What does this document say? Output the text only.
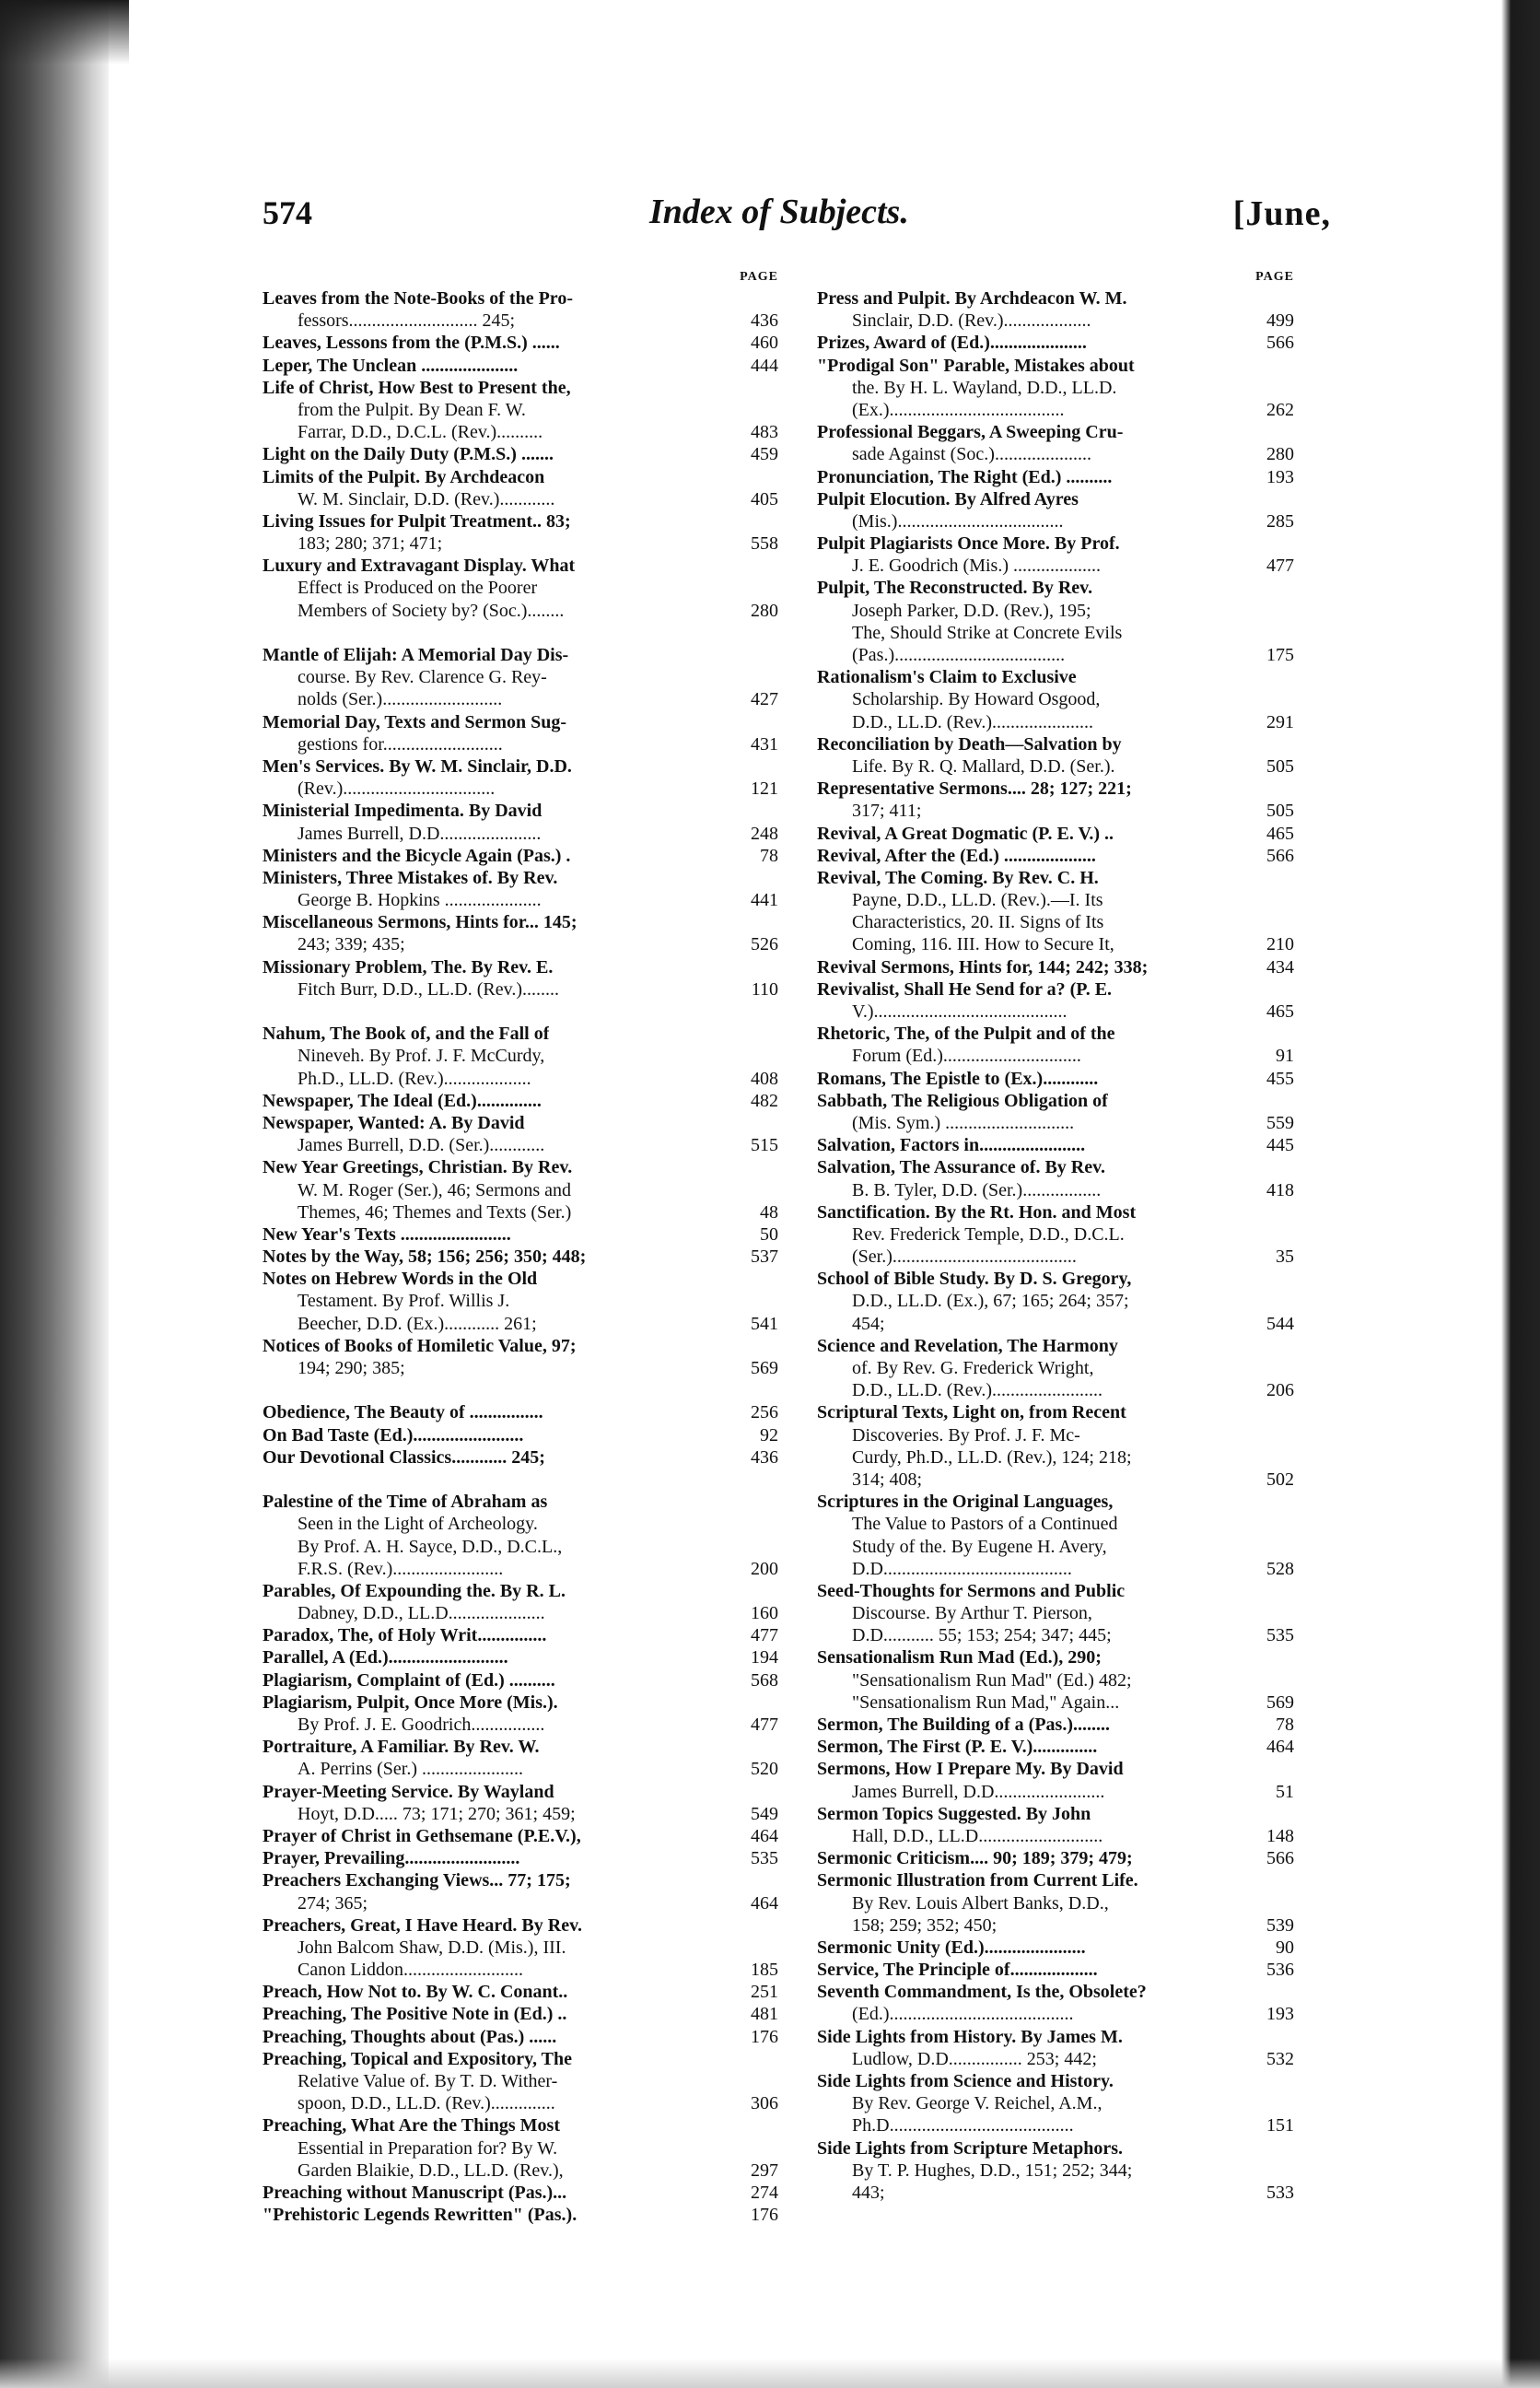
574	Index of Subjects.	[June,
PAGE
Leaves from the Note-Books of the Pro-
fessors............................ 245;	436
Leaves, Lessons from the (P.M.S.) ......	460
Leper, The Unclean .....................	444
Life of Christ, How Best to Present the,
from the Pulpit. By Dean F. W.
Farrar, D.D., D.C.L. (Rev.)..........	483
Light on the Daily Duty (P.M.S.) .......	459
Limits of the Pulpit. By Archdeacon
W. M. Sinclair, D.D. (Rev.)............	405
Living Issues for Pulpit Treatment.. 83;
183; 280; 371; 471;	558
Luxury and Extravagant Display. What
Effect is Produced on the Poorer
Members of Society by? (Soc.)........	280
Mantle of Elijah: A Memorial Day Dis-
course. By Rev. Clarence G. Rey-
nolds (Ser.)..........................	427
Memorial Day, Texts and Sermon Sug-
gestions for..........................	431
Men's Services. By W. M. Sinclair, D.D.
(Rev.).................................	121
Ministerial Impedimenta. By David
James Burrell, D.D......................	248
Ministers and the Bicycle Again (Pas.) .	78
Ministers, Three Mistakes of. By Rev.
George B. Hopkins .....................	441
Miscellaneous Sermons, Hints for... 145;
243; 339; 435;	526
Missionary Problem, The. By Rev. E.
Fitch Burr, D.D., LL.D. (Rev.)........	110
Nahum, The Book of, and the Fall of
Nineveh. By Prof. J. F. McCurdy,
Ph.D., LL.D. (Rev.)...................	408
Newspaper, The Ideal (Ed.)..............	482
Newspaper, Wanted: A. By David
James Burrell, D.D. (Ser.)............	515
New Year Greetings, Christian. By Rev.
W. M. Roger (Ser.), 46; Sermons and
Themes, 46; Themes and Texts (Ser.)	48
New Year's Texts ........................	50
Notes by the Way, 58; 156; 256; 350; 448;	537
Notes on Hebrew Words in the Old
Testament. By Prof. Willis J.
Beecher, D.D. (Ex.)............ 261;	541
Notices of Books of Homiletic Value, 97;
194; 290; 385;	569
Obedience, The Beauty of ................	256
On Bad Taste (Ed.)........................	92
Our Devotional Classics............ 245;	436
Palestine of the Time of Abraham as
Seen in the Light of Archeology.
By Prof. A. H. Sayce, D.D., D.C.L.,
F.R.S. (Rev.)........................	200
Parables, Of Expounding the. By R. L.
Dabney, D.D., LL.D.....................	160
Paradox, The, of Holy Writ...............	477
Parallel, A (Ed.)..........................	194
Plagiarism, Complaint of (Ed.) ..........	568
Plagiarism, Pulpit, Once More (Mis.).
By Prof. J. E. Goodrich................	477
Portraiture, A Familiar. By Rev. W.
A. Perrins (Ser.) ......................	520
Prayer-Meeting Service. By Wayland
Hoyt, D.D..... 73; 171; 270; 361; 459;	549
Prayer of Christ in Gethsemane (P.E.V.),	464
Prayer, Prevailing.........................	535
Preachers Exchanging Views... 77; 175;
274; 365;	464
Preachers, Great, I Have Heard. By Rev.
John Balcom Shaw, D.D. (Mis.), III.
Canon Liddon..........................	185
Preach, How Not to. By W. C. Conant..	251
Preaching, The Positive Note in (Ed.) ..	481
Preaching, Thoughts about (Pas.) ......	176
Preaching, Topical and Expository, The
Relative Value of. By T. D. Wither-
spoon, D.D., LL.D. (Rev.)..............	306
Preaching, What Are the Things Most
Essential in Preparation for? By W.
Garden Blaikie, D.D., LL.D. (Rev.),	297
Preaching without Manuscript (Pas.)...	274
"Prehistoric Legends Rewritten" (Pas.).	176
PAGE
Press and Pulpit. By Archdeacon W. M.
Sinclair, D.D. (Rev.)...................	499
Prizes, Award of (Ed.).....................	566
"Prodigal Son" Parable, Mistakes about
the. By H. L. Wayland, D.D., LL.D.
(Ex.)......................................	262
Professional Beggars, A Sweeping Cru-
sade Against (Soc.).....................	280
Pronunciation, The Right (Ed.) ..........	193
Pulpit Elocution. By Alfred Ayres
(Mis.)....................................	285
Pulpit Plagiarists Once More. By Prof.
J. E. Goodrich (Mis.) ...................	477
Pulpit, The Reconstructed. By Rev.
Joseph Parker, D.D. (Rev.), 195;
The, Should Strike at Concrete Evils
(Pas.).....................................	175
Rationalism's Claim to Exclusive
Scholarship. By Howard Osgood,
D.D., LL.D. (Rev.)......................	291
Reconciliation by Death—Salvation by
Life. By R. Q. Mallard, D.D. (Ser.).	505
Representative Sermons.... 28; 127; 221;
317; 411;	505
Revival, A Great Dogmatic (P. E. V.) ..	465
Revival, After the (Ed.) ....................	566
Revival, The Coming. By Rev. C. H.
Payne, D.D., LL.D. (Rev.).—I. Its
Characteristics, 20. II. Signs of Its
Coming, 116. III. How to Secure It,	210
Revival Sermons, Hints for, 144; 242; 338;	434
Revivalist, Shall He Send for a? (P. E.
V.)..........................................	465
Rhetoric, The, of the Pulpit and of the
Forum (Ed.)..............................	91
Romans, The Epistle to (Ex.)............	455
Sabbath, The Religious Obligation of
(Mis. Sym.) ............................	559
Salvation, Factors in.......................	445
Salvation, The Assurance of. By Rev.
B. B. Tyler, D.D. (Ser.).................	418
Sanctification. By the Rt. Hon. and Most
Rev. Frederick Temple, D.D., D.C.L.
(Ser.)........................................	35
School of Bible Study. By D. S. Gregory,
D.D., LL.D. (Ex.), 67; 165; 264; 357;
454;	544
Science and Revelation, The Harmony
of. By Rev. G. Frederick Wright,
D.D., LL.D. (Rev.)........................	206
Scriptural Texts, Light on, from Recent
Discoveries. By Prof. J. F. Mc-
Curdy, Ph.D., LL.D. (Rev.), 124; 218;
314; 408;	502
Scriptures in the Original Languages,
The Value to Pastors of a Continued
Study of the. By Eugene H. Avery,
D.D.........................................	528
Seed-Thoughts for Sermons and Public
Discourse. By Arthur T. Pierson,
D.D........... 55; 153; 254; 347; 445;	535
Sensationalism Run Mad (Ed.), 290;
"Sensationalism Run Mad" (Ed.) 482;
"Sensationalism Run Mad," Again...	569
Sermon, The Building of a (Pas.)........	78
Sermon, The First (P. E. V.)..............	464
Sermons, How I Prepare My. By David
James Burrell, D.D........................	51
Sermon Topics Suggested. By John
Hall, D.D., LL.D...........................	148
Sermonic Criticism.... 90; 189; 379; 479;	566
Sermonic Illustration from Current Life.
By Rev. Louis Albert Banks, D.D.,
158; 259; 352; 450;	539
Sermonic Unity (Ed.)......................	90
Service, The Principle of...................	536
Seventh Commandment, Is the, Obsolete?
(Ed.)........................................	193
Side Lights from History. By James M.
Ludlow, D.D................ 253; 442;	532
Side Lights from Science and History.
By Rev. George V. Reichel, A.M.,
Ph.D........................................	151
Side Lights from Scripture Metaphors.
By T. P. Hughes, D.D., 151; 252; 344;
443;	533
